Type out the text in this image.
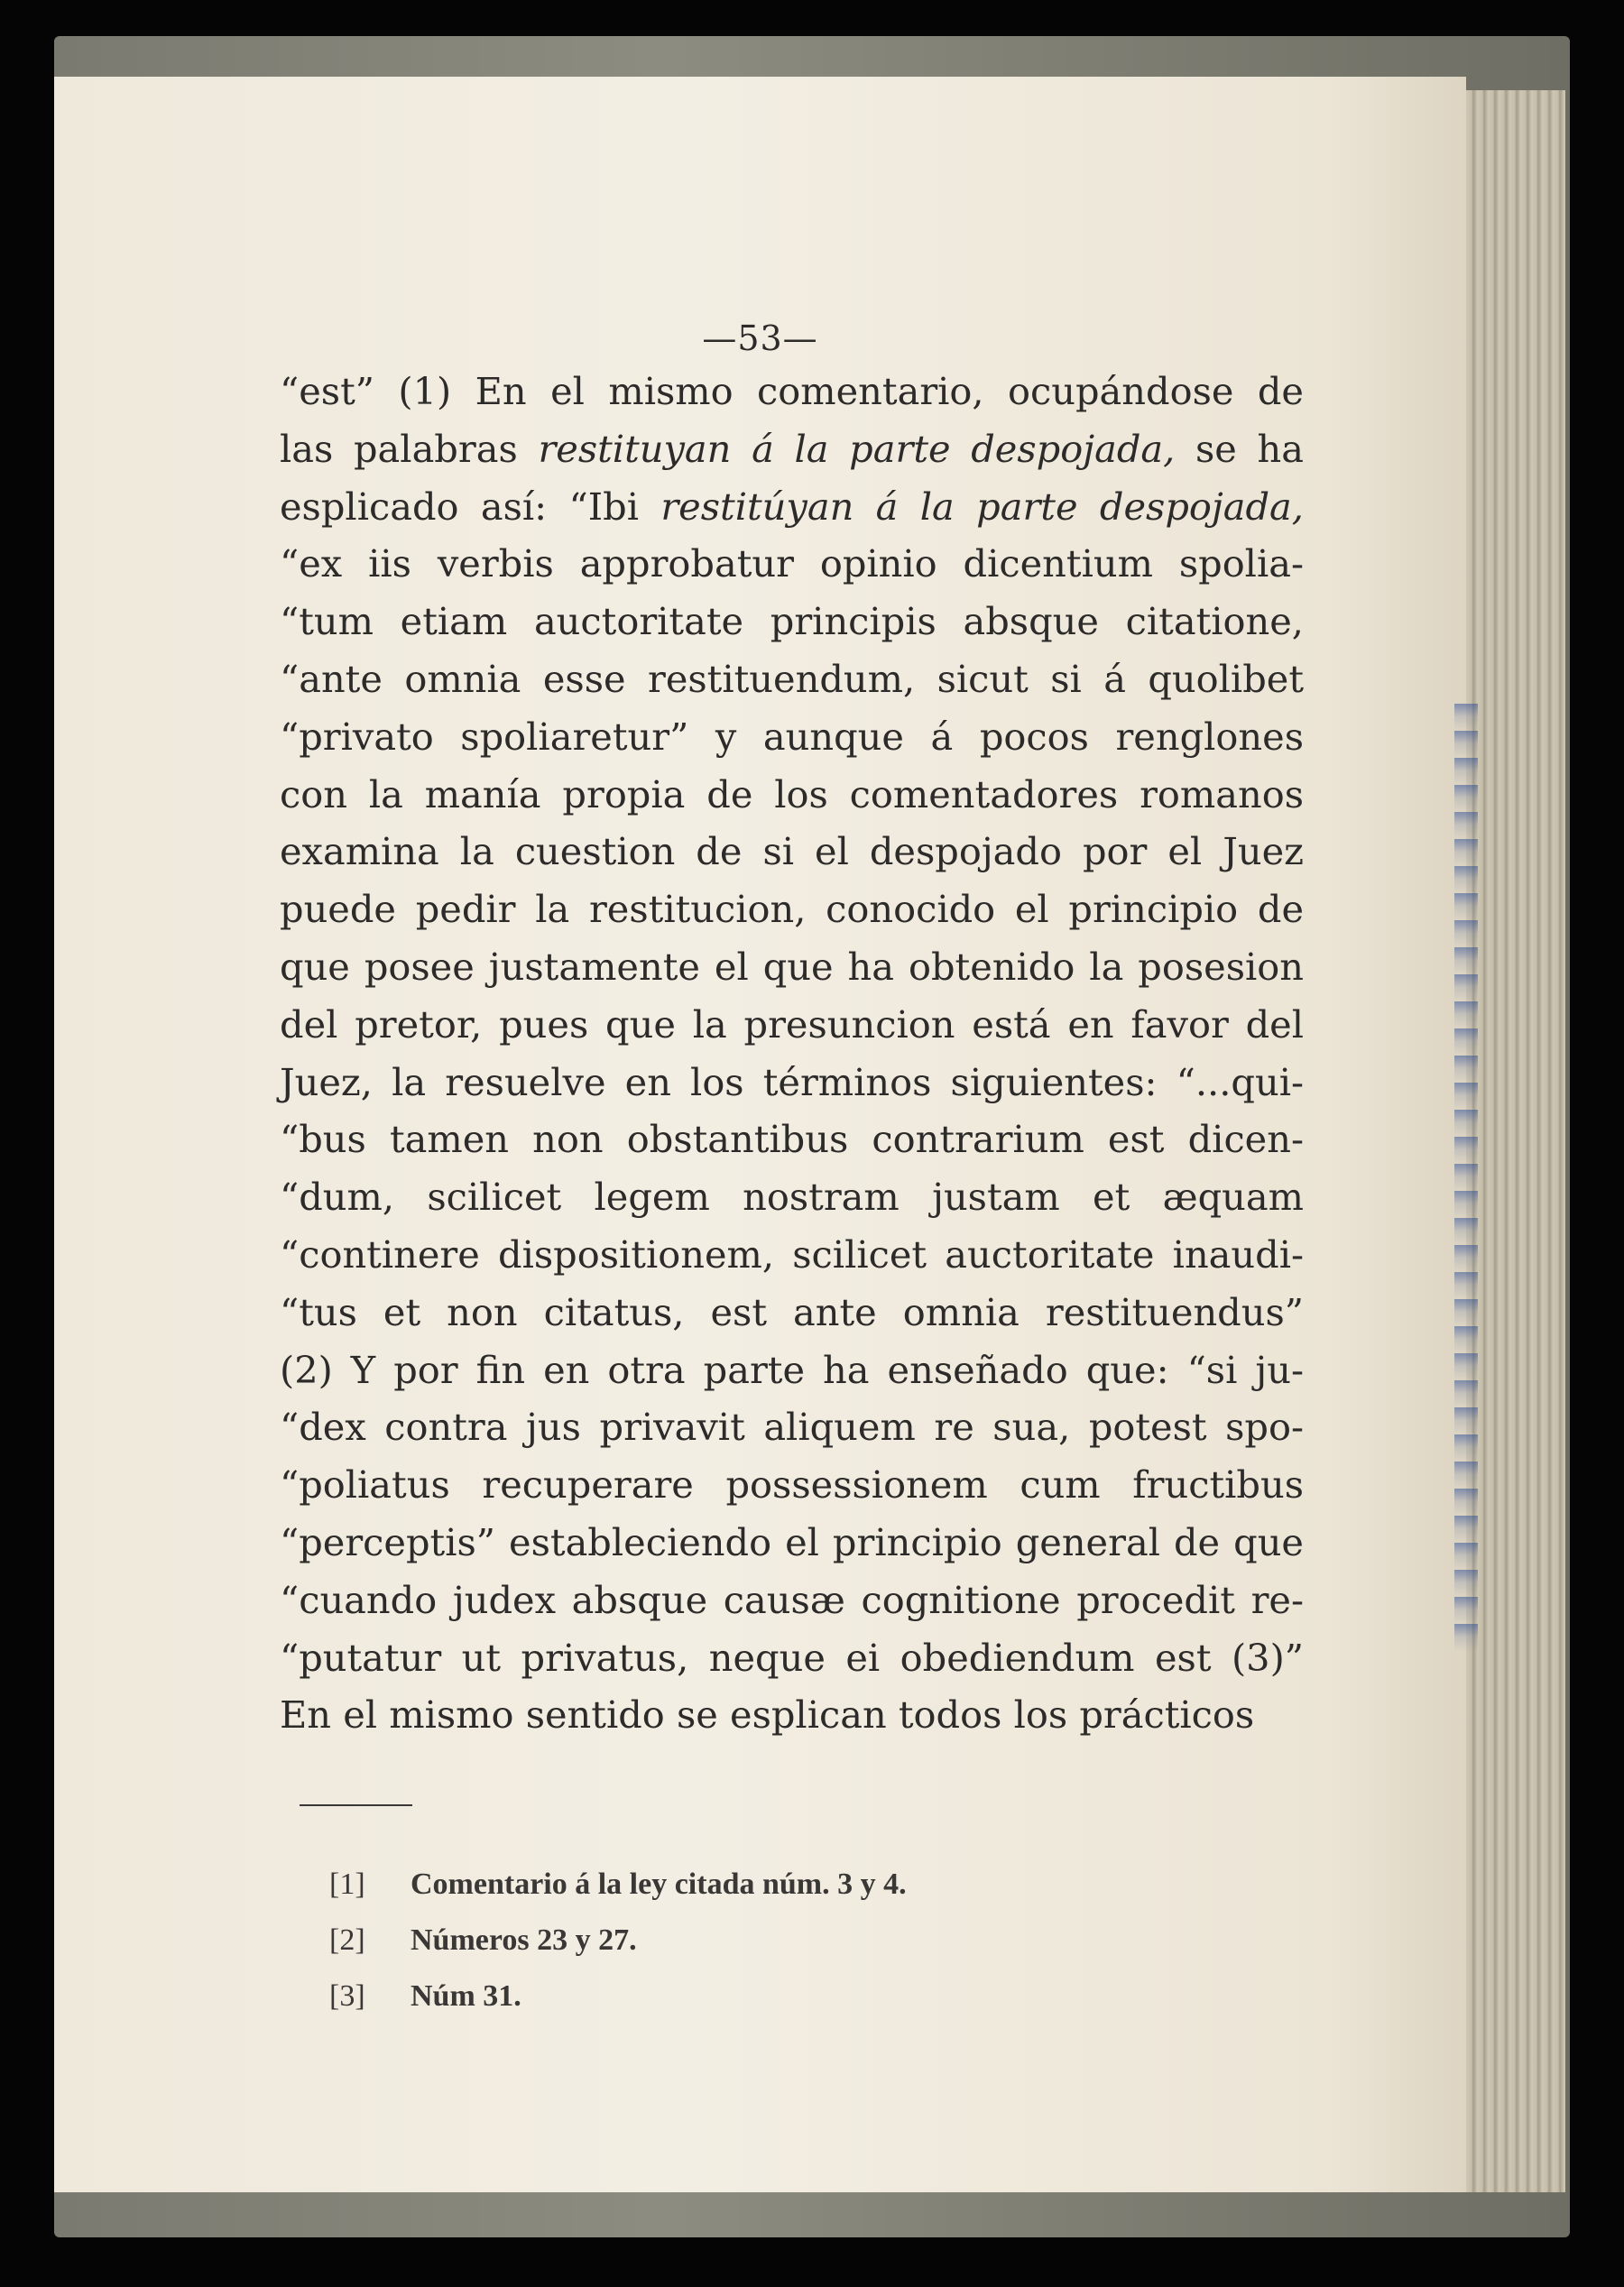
—53—
“est” (1) En el mismo comentario, ocupándose de
las palabras restituyan á la parte despojada, se ha
esplicado así: “Ibi restitúyan á la parte despojada,
“ex iis verbis approbatur opinio dicentium spolia-
“tum etiam auctoritate principis absque citatione,
“ante omnia esse restituendum, sicut si á quolibet
“privato spoliaretur” y aunque á pocos renglones
con la manía propia de los comentadores romanos
examina la cuestion de si el despojado por el Juez
puede pedir la restitucion, conocido el principio de
que posee justamente el que ha obtenido la posesion
del pretor, pues que la presuncion está en favor del
Juez, la resuelve en los términos siguientes: “...qui-
“bus tamen non obstantibus contrarium est dicen-
“dum, scilicet legem nostram justam et æquam
“continere dispositionem, scilicet auctoritate inaudi-
“tus et non citatus, est ante omnia restituendus”
(2) Y por fin en otra parte ha enseñado que: “si ju-
“dex contra jus privavit aliquem re sua, potest spo-
“poliatus recuperare possessionem cum fructibus
“perceptis” estableciendo el principio general de que
“cuando judex absque causæ cognitione procedit re-
“putatur ut privatus, neque ei obediendum est (3)”
En el mismo sentido se esplican todos los prácticos
[1] Comentario á la ley citada núm. 3 y 4.
[2] Números 23 y 27.
[3] Núm 31.
